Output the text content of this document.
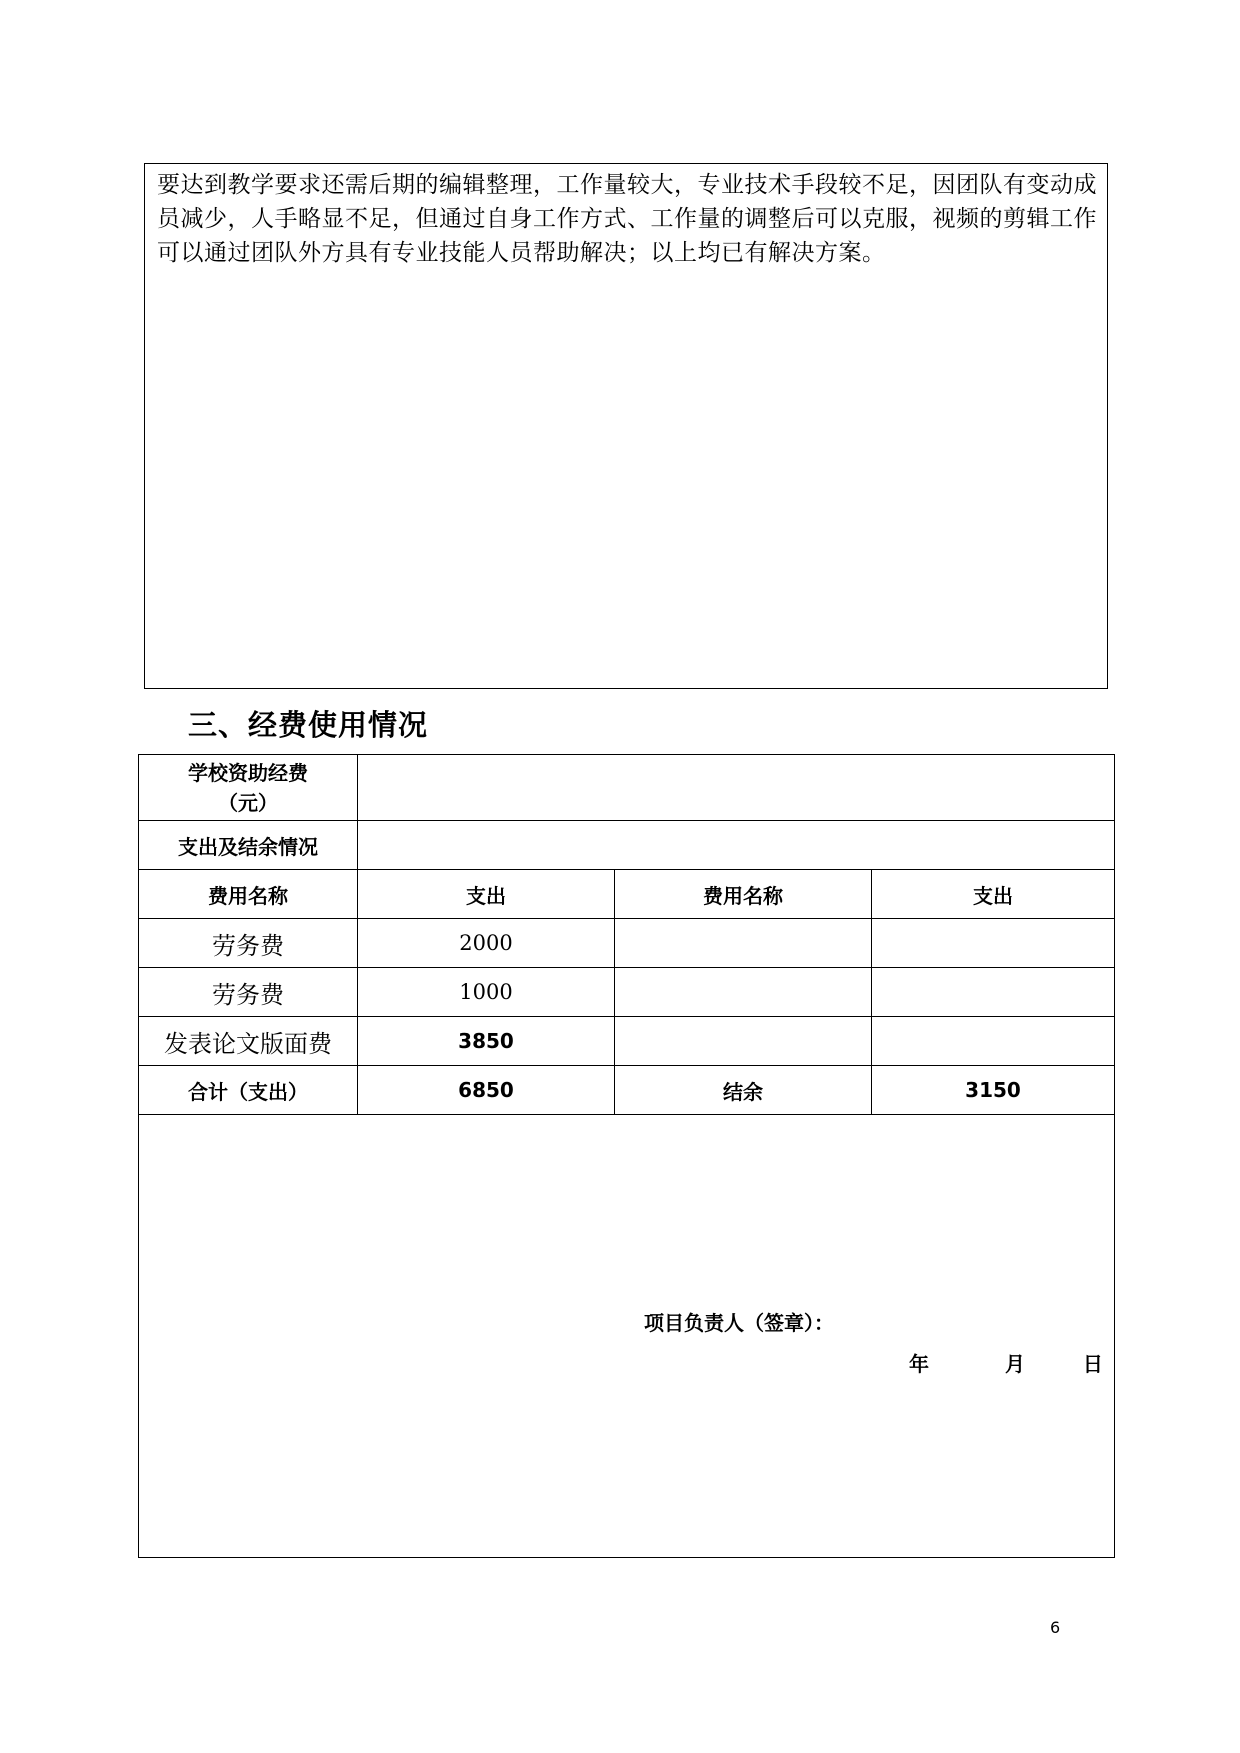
要达到教学要求还需后期的编辑整理，工作量较大，专业技术手段较不足，因团队有变动成员减少，人手略显不足，但通过自身工作方式、工作量的调整后可以克服，视频的剪辑工作可以通过团队外方具有专业技能人员帮助解决；以上均已有解决方案。
三、经费使用情况
学校资助经费
（元）			
支出及结余情况			
费用名称	支出	费用名称	支出
劳务费	2000		
劳务费	1000		
发表论文版面费	3850		
合计（支出）	6850	结余	3150

项目负责人（签章）：
年 月 日			
6
